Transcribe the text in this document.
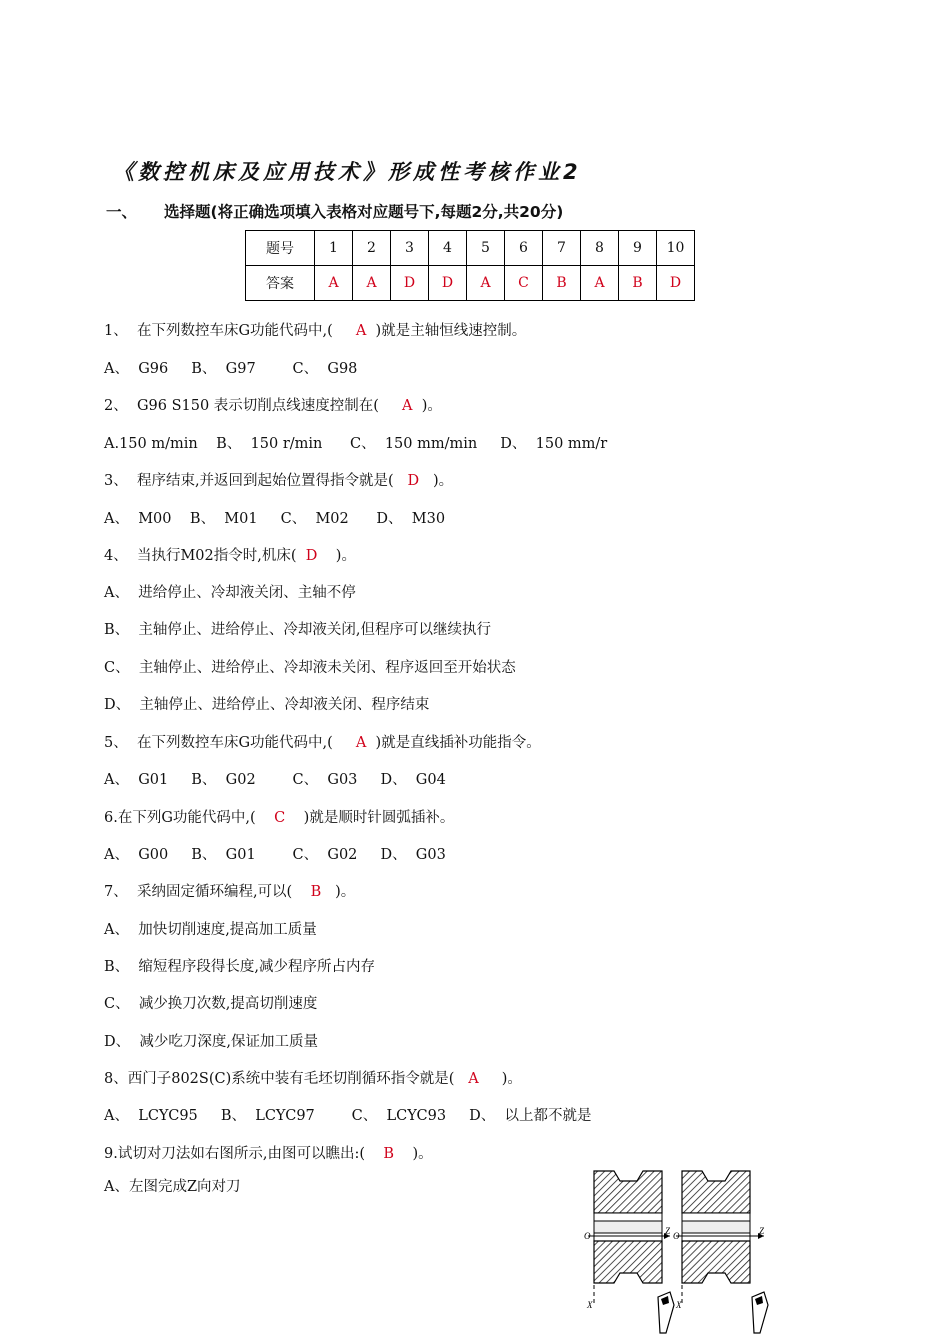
《数控机床及应用技术》形成性考核作业2
一、 选择题(将正确选项填入表格对应题号下,每题2分,共20分)
题号	1	2	3	4	5	6	7	8	9	10
答案	A	A	D	D	A	C	B	A	B	D
1、  在下列数控车床G功能代码中,(     A  )就是主轴恒线速控制。
A、  G96     B、  G97        C、  G98
2、  G96 S150 表示切削点线速度控制在(     A  )。
A.150 m/min    B、  150 r/min      C、  150 mm/min     D、  150 mm/r
3、  程序结束,并返回到起始位置得指令就是(   D   )。
A、  M00    B、  M01     C、  M02      D、  M30
4、  当执行M02指令时,机床(  D    )。
A、  进给停止、冷却液关闭、主轴不停
B、  主轴停止、进给停止、冷却液关闭,但程序可以继续执行
C、  主轴停止、进给停止、冷却液未关闭、程序返回至开始状态
D、  主轴停止、进给停止、冷却液关闭、程序结束
5、  在下列数控车床G功能代码中,(     A  )就是直线插补功能指令。
A、  G01     B、  G02        C、  G03     D、  G04
6.在下列G功能代码中,(    C    )就是顺时针圆弧插补。
A、  G00     B、  G01        C、  G02     D、  G03
7、  采纳固定循环编程,可以(    B   )。
A、  加快切削速度,提高加工质量
B、  缩短程序段得长度,减少程序所占内存
C、  减少换刀次数,提高切削速度
D、  减少吃刀深度,保证加工质量
8、西门子802S(C)系统中装有毛坯切削循环指令就是(   A     )。
A、  LCYC95     B、  LCYC97        C、  LCYC93     D、  以上都不就是
9.试切对刀法如右图所示,由图可以瞧出:(    B    )。
A、左图完成Z向对刀
O	Z O	Z
X	X
